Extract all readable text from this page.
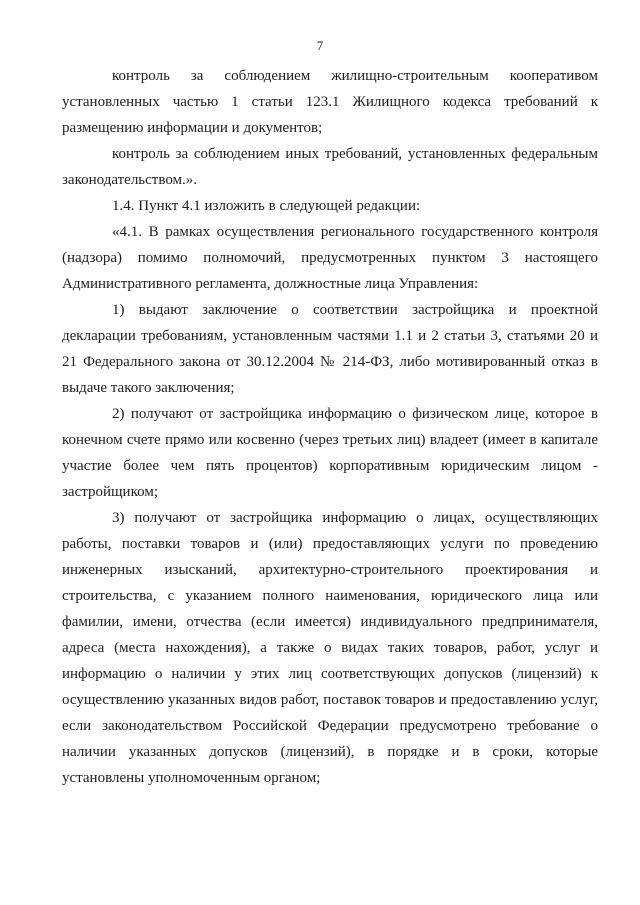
7

контроль за соблюдением жилищно-строительным кооперативом установленных частью 1 статьи 123.1 Жилищного кодекса требований к размещению информации и документов;

контроль за соблюдением иных требований, установленных федеральным законодательством.».

1.4. Пункт 4.1 изложить в следующей редакции:

«4.1. В рамках осуществления регионального государственного контроля (надзора) помимо полномочий, предусмотренных пунктом 3 настоящего Административного регламента, должностные лица Управления:

1) выдают заключение о соответствии застройщика и проектной декларации требованиям, установленным частями 1.1 и 2 статьи 3, статьями 20 и 21 Федерального закона от 30.12.2004 № 214-ФЗ, либо мотивированный отказ в выдаче такого заключения;

2) получают от застройщика информацию о физическом лице, которое в конечном счете прямо или косвенно (через третьих лиц) владеет (имеет в капитале участие более чем пять процентов) корпоративным юридическим лицом - застройщиком;

3) получают от застройщика информацию о лицах, осуществляющих работы, поставки товаров и (или) предоставляющих услуги по проведению инженерных изысканий, архитектурно-строительного проектирования и строительства, с указанием полного наименования, юридического лица или фамилии, имени, отчества (если имеется) индивидуального предпринимателя, адреса (места нахождения), а также о видах таких товаров, работ, услуг и информацию о наличии у этих лиц соответствующих допусков (лицензий) к осуществлению указанных видов работ, поставок товаров и предоставлению услуг, если законодательством Российской Федерации предусмотрено требование о наличии указанных допусков (лицензий), в порядке и в сроки, которые установлены уполномоченным органом;
